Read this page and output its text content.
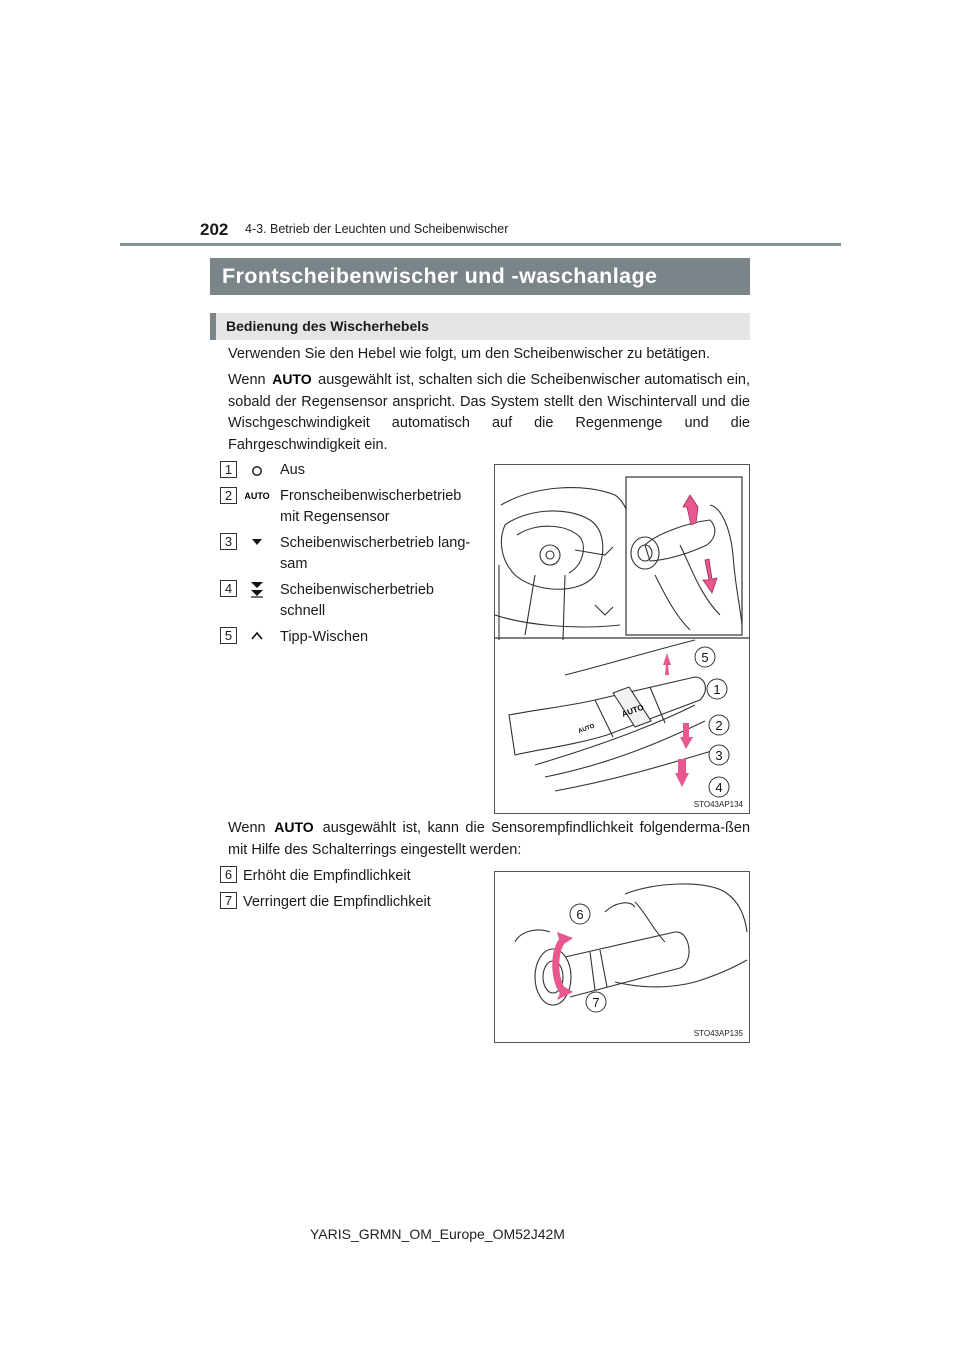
202 4-3. Betrieb der Leuchten und Scheibenwischer
Frontscheibenwischer und -waschanlage
Bedienung des Wischerhebels
Verwenden Sie den Hebel wie folgt, um den Scheibenwischer zu betätigen.
Wenn AUTO ausgewählt ist, schalten sich die Scheibenwischer automatisch ein, sobald der Regensensor anspricht. Das System stellt den Wischintervall und die Wischgeschwindigkeit automatisch auf die Regenmenge und die Fahrgeschwindigkeit ein.
1	Aus
2	AUTO Fronscheibenwischerbetrieb
mit Regensensor
3	Scheibenwischerbetrieb lang-
sam
4	Scheibenwischerbetrieb
schnell
5	Tipp-Wischen
AUTO
AUTO
5
1
2
3
4
STO43AP134
Wenn AUTO ausgewählt ist, kann die Sensorempfindlichkeit folgenderma-ßen mit Hilfe des Schalterrings eingestellt werden:
6 Erhöht die Empfindlichkeit
7 Verringert die Empfindlichkeit
6
7
STO43AP135
YARIS_GRMN_OM_Europe_OM52J42M
